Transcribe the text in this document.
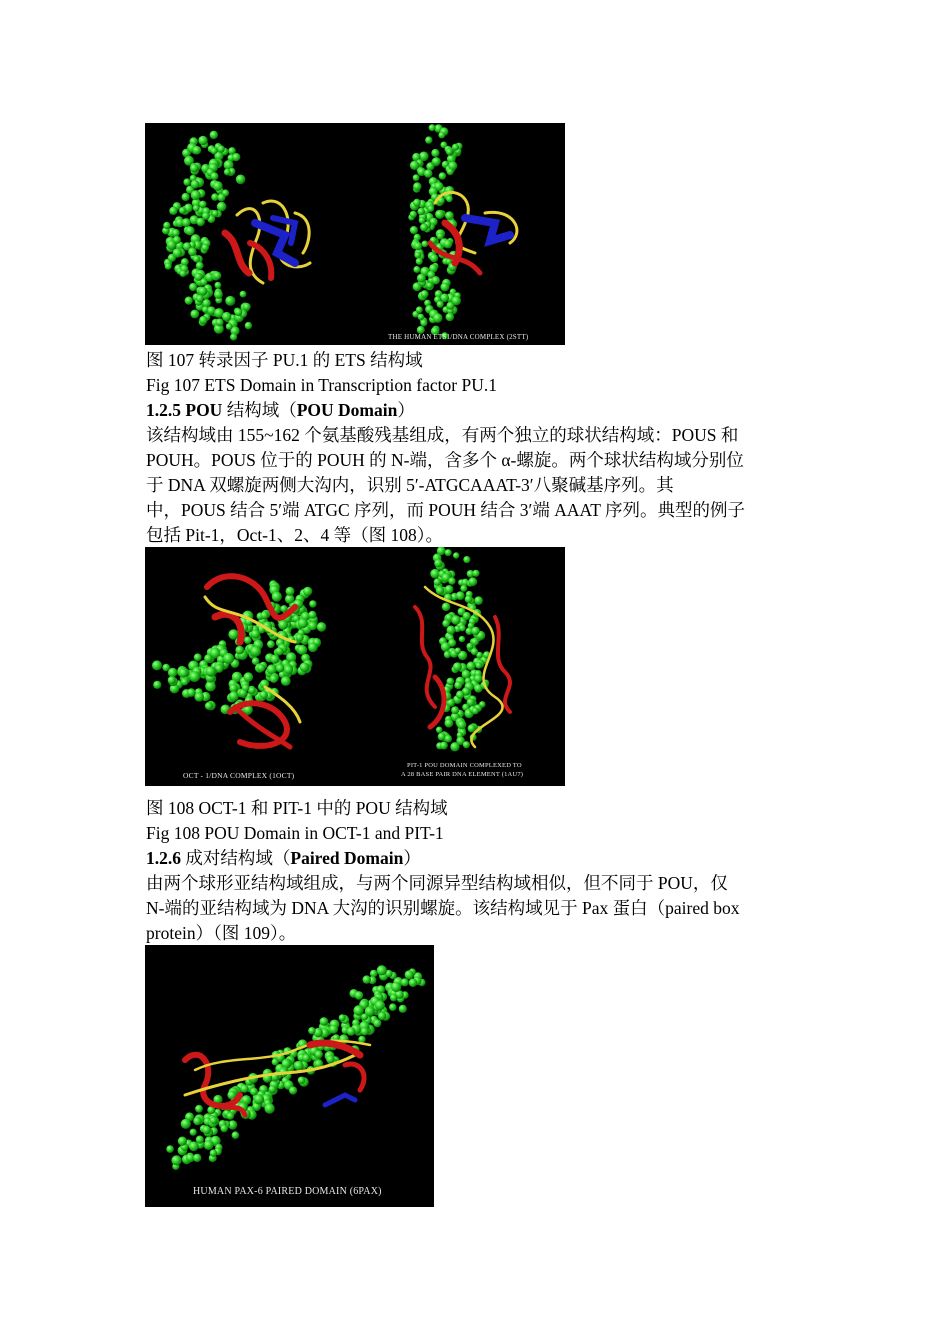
THE HUMAN ETS1/DNA COMPLEX (2STT)
图 107 转录因子 PU.1 的 ETS 结构域
Fig 107 ETS Domain in Transcription factor PU.1
1.2.5 POU 结构域（POU Domain）
该结构域由 155~162 个氨基酸残基组成，有两个独立的球状结构域：POUS 和
POUH。POUS 位于的 POUH 的 N-端，含多个 α-螺旋。两个球状结构域分别位
于 DNA 双螺旋两侧大沟内，识别 5′-ATGCAAAT-3′八聚碱基序列。其
中，POUS 结合 5′端 ATGC 序列，而 POUH 结合 3′端 AAAT 序列。典型的例子
包括 Pit-1，Oct-1、2、4 等（图 108）。
OCT - 1/DNA COMPLEX (1OCT)
PIT-1 POU DOMAIN COMPLEXED TO
A 28 BASE PAIR DNA ELEMENT (1AU7)
图 108 OCT-1 和 PIT-1 中的 POU 结构域
Fig 108 POU Domain in OCT-1 and PIT-1
1.2.6 成对结构域（Paired Domain）
由两个球形亚结构域组成，与两个同源异型结构域相似，但不同于 POU，仅
N-端的亚结构域为 DNA 大沟的识别螺旋。该结构域见于 Pax 蛋白（paired box
protein）（图 109）。
HUMAN PAX-6 PAIRED DOMAIN (6PAX)
